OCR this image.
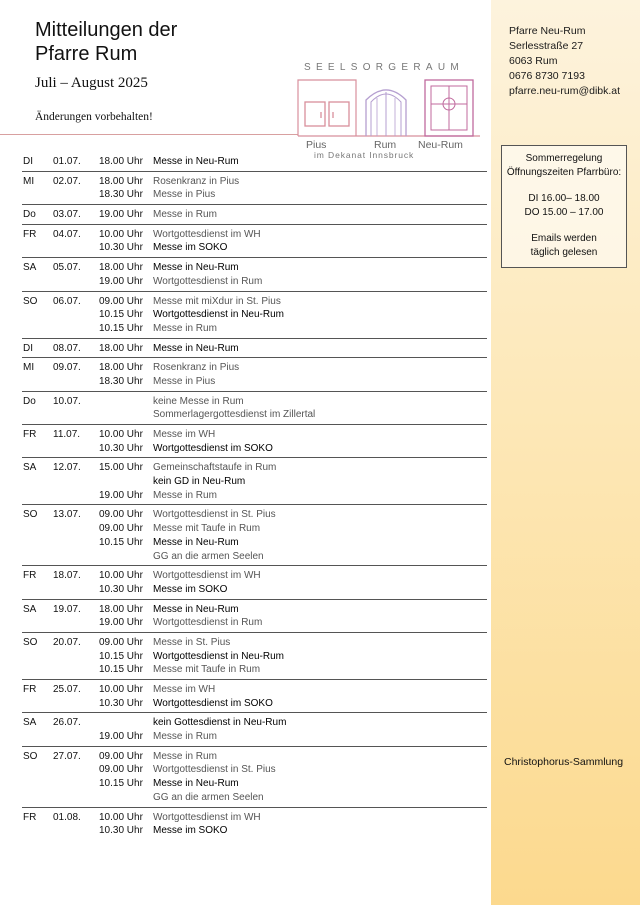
Mitteilungen der
Pfarre Rum
Juli – August 2025
Änderungen vorbehalten!
SEELSORGERAUM
Pius	Rum Neu-Rum
im Dekanat Innsbruck
Pfarre Neu-Rum
Serlesstraße 27
6063 Rum
0676 8730 7193
pfarre.neu-rum@dibk.at
Sommerregelung
Öffnungszeiten Pfarrbüro:
DI 16.00– 18.00
DO 15.00 – 17.00
Emails werden
täglich gelesen
Christophorus-Sammlung
DI 01.07. 18.00 Uhr Messe in Neu-Rum
MI 02.07. 18.00 Uhr Rosenkranz in Pius
18.30 Uhr Messe in Pius
Do 03.07. 19.00 Uhr Messe in Rum
FR 04.07. 10.00 Uhr Wortgottesdienst im WH
10.30 Uhr Messe im SOKO
SA 05.07. 18.00 Uhr Messe in Neu-Rum
19.00 Uhr Wortgottesdienst in Rum
SO 06.07. 09.00 Uhr Messe mit miXdur in St. Pius
10.15 Uhr Wortgottesdienst in Neu-Rum
10.15 Uhr Messe in Rum
DI 08.07. 18.00 Uhr Messe in Neu-Rum
MI 09.07. 18.00 Uhr Rosenkranz in Pius
18.30 Uhr Messe in Pius
Do 10.07.	keine Messe in Rum
Sommerlagergottesdienst im Zillertal
FR 11.07. 10.00 Uhr Messe im WH
10.30 Uhr Wortgottesdienst im SOKO
SA 12.07. 15.00 Uhr Gemeinschaftstaufe in Rum
kein GD in Neu-Rum
19.00 Uhr Messe in Rum
SO 13.07. 09.00 Uhr Wortgottesdienst in St. Pius
09.00 Uhr Messe mit Taufe in Rum
10.15 Uhr Messe in Neu-Rum
GG an die armen Seelen
FR 18.07. 10.00 Uhr Wortgottesdienst im WH
10.30 Uhr Messe im SOKO
SA 19.07. 18.00 Uhr Messe in Neu-Rum
19.00 Uhr Wortgottesdienst in Rum
SO 20.07. 09.00 Uhr Messe in St. Pius
10.15 Uhr Wortgottesdienst in Neu-Rum
10.15 Uhr Messe mit Taufe in Rum
FR 25.07. 10.00 Uhr Messe im WH
10.30 Uhr Wortgottesdienst im SOKO
SA 26.07.	kein Gottesdienst in Neu-Rum
19.00 Uhr Messe in Rum
SO 27.07. 09.00 Uhr Messe in Rum
09.00 Uhr Wortgottesdienst in St. Pius
10.15 Uhr Messe in Neu-Rum
GG an die armen Seelen
FR 01.08. 10.00 Uhr Wortgottesdienst im WH
10.30 Uhr Messe im SOKO
